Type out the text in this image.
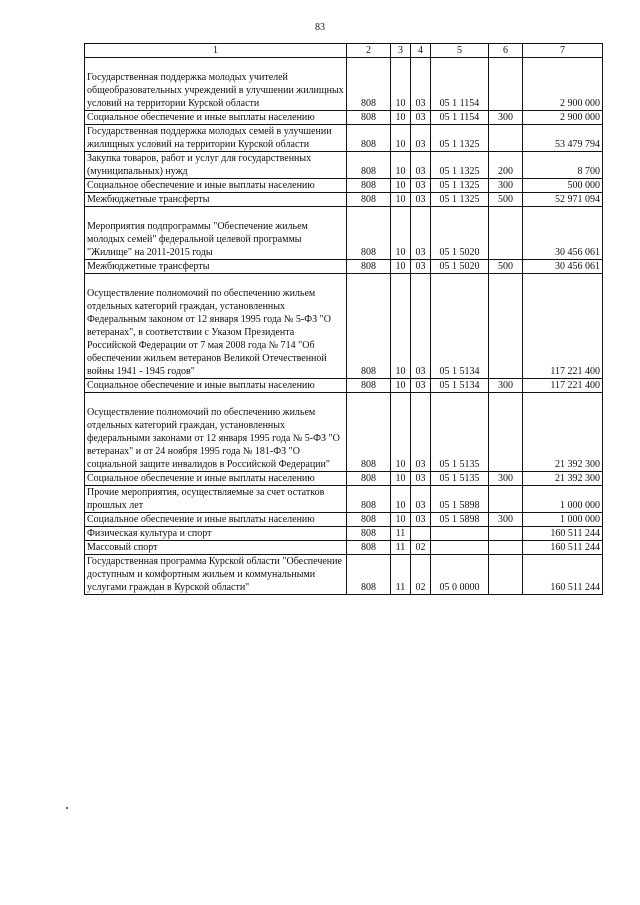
83
1	2	3	4	5	6	7

Государственная поддержка молодых учителей общеобразовательных учреждений в улучшении жилищных условий на территории Курской области	808	10	03	05 1 1154		2 900 000
Социальное обеспечение и иные выплаты населению	808	10	03	05 1 1154	300	2 900 000
Государственная поддержка молодых семей в улучшении жилищных условий на территории Курской области	808	10	03	05 1 1325		53 479 794
Закупка товаров, работ и услуг для государственных (муниципальных) нужд	808	10	03	05 1 1325	200	8 700
Социальное обеспечение и иные выплаты населению	808	10	03	05 1 1325	300	500 000
Межбюджетные трансферты	808	10	03	05 1 1325	500	52 971 094

Мероприятия подпрограммы "Обеспечение жильем молодых семей" федеральной целевой программы "Жилище" на 2011-2015 годы	808	10	03	05 1 5020		30 456 061
Межбюджетные трансферты	808	10	03	05 1 5020	500	30 456 061

Осуществление полномочий по обеспечению жильем отдельных категорий граждан, установленных Федеральным законом от 12 января 1995 года № 5-ФЗ "О ветеранах", в соответствии с Указом Президента Российской Федерации от 7 мая 2008 года № 714 "Об обеспечении жильем ветеранов Великой Отечественной войны 1941 - 1945 годов"	808	10	03	05 1 5134		117 221 400
Социальное обеспечение и иные выплаты населению	808	10	03	05 1 5134	300	117 221 400

Осуществление полномочий по обеспечению жильем отдельных категорий граждан, установленных федеральными законами от 12 января 1995 года № 5-ФЗ "О ветеранах" и от 24 ноября 1995 года № 181-ФЗ "О социальной защите инвалидов в Российской Федерации"	808	10	03	05 1 5135		21 392 300
Социальное обеспечение и иные выплаты населению	808	10	03	05 1 5135	300	21 392 300
Прочие мероприятия, осуществляемые за счет остатков прошлых лет	808	10	03	05 1 5898		1 000 000
Социальное обеспечение и иные выплаты населению	808	10	03	05 1 5898	300	1 000 000
Физическая культура и спорт	808	11				160 511 244
Массовый спорт	808	11	02			160 511 244
Государственная программа Курской области "Обеспечение доступным и комфортным жильем и коммунальными услугами граждан в Курской области"	808	11	02	05 0 0000		160 511 244
